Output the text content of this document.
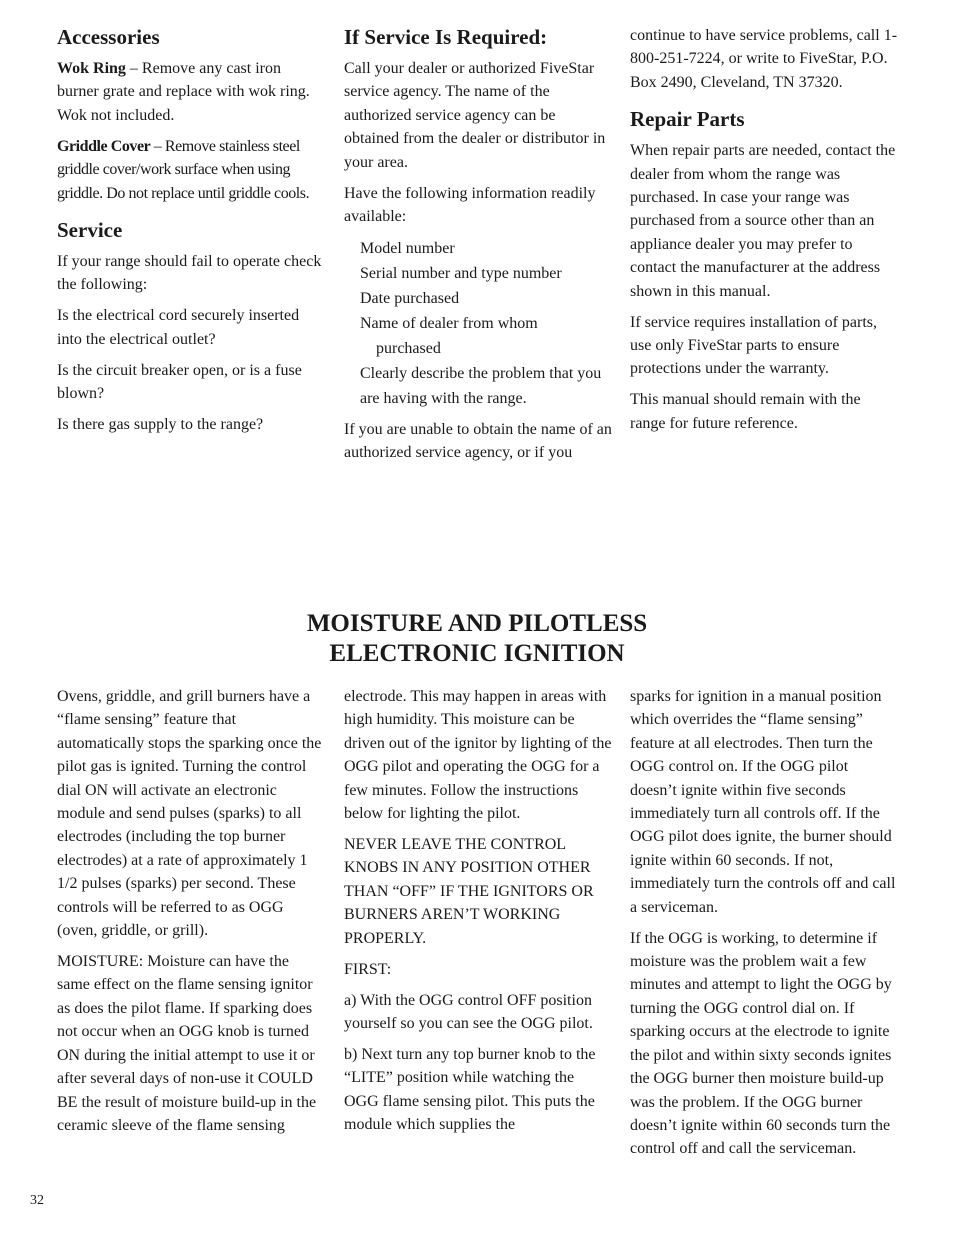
Accessories

Wok Ring – Remove any cast iron burner grate and replace with wok ring. Wok not included.

Griddle Cover – Remove stainless steel griddle cover/work surface when using griddle. Do not replace until griddle cools.

Service

If your range should fail to operate check the following:

Is the electrical cord securely inserted into the electrical outlet?

Is the circuit breaker open, or is a fuse blown?

Is there gas supply to the range?

If Service Is Required:

Call your dealer or authorized FiveStar service agency. The name of the authorized service agency can be obtained from the dealer or distributor in your area.

Have the following information readily available:

Model number
Serial number and type number
Date purchased
Name of dealer from whom
purchased
Clearly describe the problem that you are having with the range.

If you are unable to obtain the name of an authorized service agency, or if you

continue to have service problems, call 1-800-251-7224, or write to FiveStar, P.O. Box 2490, Cleveland, TN 37320.

Repair Parts

When repair parts are needed, contact the dealer from whom the range was purchased. In case your range was purchased from a source other than an appliance dealer you may prefer to contact the manufacturer at the address shown in this manual.

If service requires installation of parts, use only FiveStar parts to ensure protections under the warranty.

This manual should remain with the range for future reference.

MOISTURE AND PILOTLESS
ELECTRONIC IGNITION

Ovens, griddle, and grill burners have a “flame sensing” feature that automatically stops the sparking once the pilot gas is ignited. Turning the control dial ON will activate an electronic module and send pulses (sparks) to all electrodes (including the top burner electrodes) at a rate of approximately 1 1/2 pulses (sparks) per second. These controls will be referred to as OGG (oven, griddle, or grill).

MOISTURE: Moisture can have the same effect on the flame sensing ignitor as does the pilot flame. If sparking does not occur when an OGG knob is turned ON during the initial attempt to use it or after several days of non-use it COULD BE the result of moisture build-up in the ceramic sleeve of the flame sensing

electrode. This may happen in areas with high humidity. This moisture can be driven out of the ignitor by lighting of the OGG pilot and operating the OGG for a few minutes. Follow the instructions below for lighting the pilot.

NEVER LEAVE THE CONTROL KNOBS IN ANY POSITION OTHER THAN “OFF” IF THE IGNITORS OR BURNERS AREN’T WORKING PROPERLY.

FIRST:

a) With the OGG control OFF position yourself so you can see the OGG pilot.

b) Next turn any top burner knob to the “LITE” position while watching the OGG flame sensing pilot. This puts the module which supplies the

sparks for ignition in a manual position which overrides the “flame sensing” feature at all electrodes. Then turn the OGG control on. If the OGG pilot doesn’t ignite within five seconds immediately turn all controls off. If the OGG pilot does ignite, the burner should ignite within 60 seconds. If not, immediately turn the controls off and call a serviceman.

If the OGG is working, to determine if moisture was the problem wait a few minutes and attempt to light the OGG by turning the OGG control dial on. If sparking occurs at the electrode to ignite the pilot and within sixty seconds ignites the OGG burner then moisture build-up was the problem. If the OGG burner doesn’t ignite within 60 seconds turn the control off and call the serviceman.

32
